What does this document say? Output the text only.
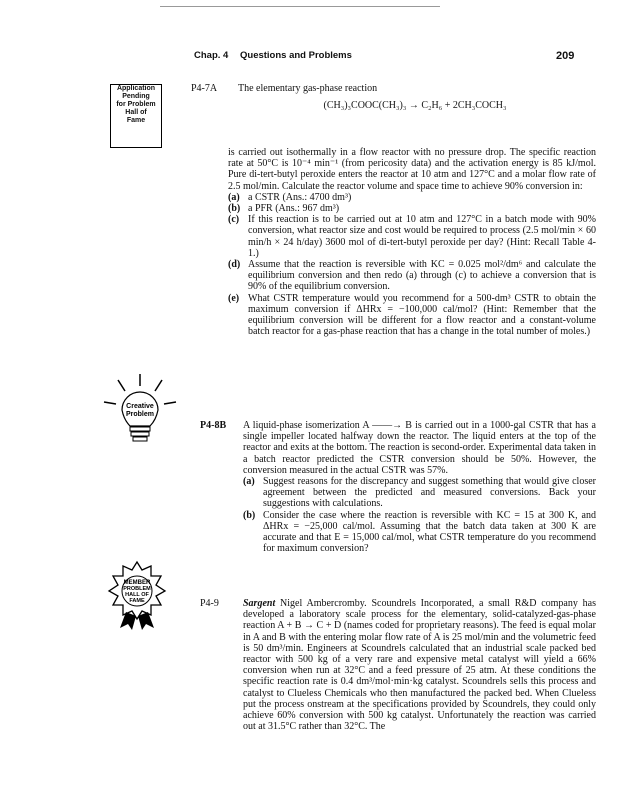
Chap. 4 Questions and Problems	209
Application
Pending
for Problem
Hall of
Fame
Creative
Problem
MEMBER
PROBLEM
HALL OF
FAME
P4-7A The elementary gas-phase reaction

(CH₃)₃COOC(CH₃)₃ → C₂H₆ + 2CH₃COCH₃

is carried out isothermally in a flow reactor with no pressure drop. The specific reaction rate at 50°C is 10⁻⁴ min⁻¹ (from pericosity data) and the activation energy is 85 kJ/mol. Pure di-tert-butyl peroxide enters the reactor at 10 atm and 127°C and a molar flow rate of 2.5 mol/min. Calculate the reactor volume and space time to achieve 90% conversion in:

(a) a CSTR (Ans.: 4700 dm³)
(b) a PFR (Ans.: 967 dm³)
(c) If this reaction is to be carried out at 10 atm and 127°C in a batch mode with 90% conversion, what reactor size and cost would be required to process (2.5 mol/min × 60 min/h × 24 h/day) 3600 mol of di-tert-butyl peroxide per day? (Hint: Recall Table 4-1.)
(d) Assume that the reaction is reversible with KC = 0.025 mol²/dm⁶ and calculate the equilibrium conversion and then redo (a) through (c) to achieve a conversion that is 90% of the equilibrium conversion.
(e) What CSTR temperature would you recommend for a 500-dm³ CSTR to obtain the maximum conversion if ΔHRx = −100,000 cal/mol? (Hint: Remember that the equilibrium conversion will be different for a flow reactor and a constant-volume batch reactor for a gas-phase reaction that has a change in the total number of moles.)
P4-8B A liquid-phase isomerization A ——→ B is carried out in a 1000-gal CSTR that has a single impeller located halfway down the reactor. The liquid enters at the top of the reactor and exits at the bottom. The reaction is second-order. Experimental data taken in a batch reactor predicted the CSTR conversion should be 50%. However, the conversion measured in the actual CSTR was 57%.

(a) Suggest reasons for the discrepancy and suggest something that would give closer agreement between the predicted and measured conversions. Back your suggestions with calculations.
(b) Consider the case where the reaction is reversible with KC = 15 at 300 K, and ΔHRx = −25,000 cal/mol. Assuming that the batch data taken at 300 K are accurate and that E = 15,000 cal/mol, what CSTR temperature do you recommend for maximum conversion?
P4-9 Sargent Nigel Ambercromby. Scoundrels Incorporated, a small R&D company has developed a laboratory scale process for the elementary, solid-catalyzed-gas-phase reaction A + B → C + D (names coded for proprietary reasons). The feed is equal molar in A and B with the entering molar flow rate of A is 25 mol/min and the volumetric feed is 50 dm³/min. Engineers at Scoundrels calculated that an industrial scale packed bed reactor with 500 kg of a very rare and expensive metal catalyst will yield a 66% conversion when run at 32°C and a feed pressure of 25 atm. At these conditions the specific reaction rate is 0.4 dm³/mol·min·kg catalyst. Scoundrels sells this process and catalyst to Clueless Chemicals who then manufactured the packed bed. When Clueless put the process onstream at the specifications provided by Scoundrels, they could only achieve 60% conversion with 500 kg catalyst. Unfortunately the reaction was carried out at 31.5°C rather than 32°C. The
